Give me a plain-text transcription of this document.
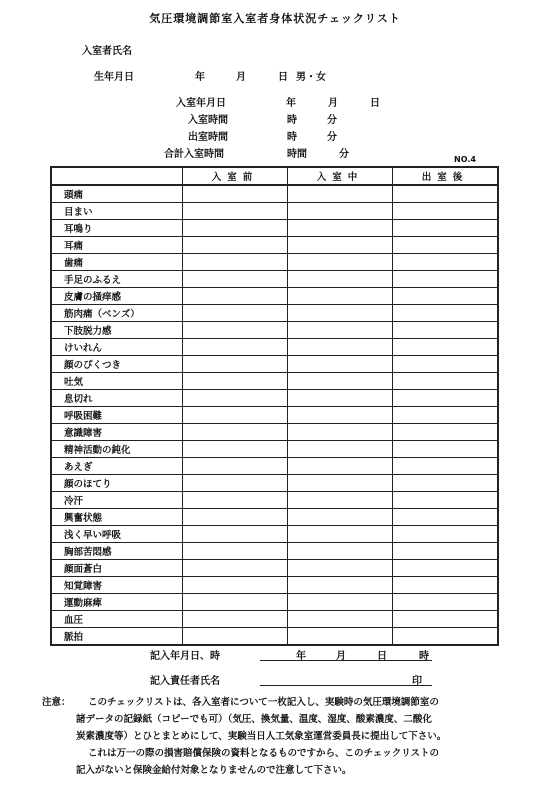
気圧環境調節室入室者身体状況チェックリスト
入室者氏名
生年月日	年	月	日 男・女
入室年月日	年	月	日
入室時間	時	分
出室時間	時	分
合計入室時間	時間	分	NO.4
	入室前	入室中	出室後
頭痛			
目まい			
耳鳴り			
耳痛			
歯痛			
手足のふるえ			
皮膚の掻痒感			
筋肉痛（ベンズ）			
下肢脱力感			
けいれん			
顔のぴくつき			
吐気			
息切れ			
呼吸困難			
意識障害			
精神活動の鈍化			
あえぎ			
顔のほてり			
冷汗			
興奮状態			
浅く早い呼吸			
胸部苦悶感			
顔面蒼白			
知覚障害			
運動麻痺			
血圧			
脈拍			
記入年月日、時	年	月	日	時
記入責任者氏名	印
注意： このチェックリストは、各入室者について一枚記入し、実験時の気圧環境調節室の
諸データの記録紙（コピーでも可）（気圧、換気量、温度、湿度、酸素濃度、二酸化
炭素濃度等）とひとまとめにして、実験当日人工気象室運営委員長に提出して下さい。
これは万一の際の損害賠償保険の資料となるものですから、このチェックリストの
記入がないと保険金給付対象となりませんので注意して下さい。
